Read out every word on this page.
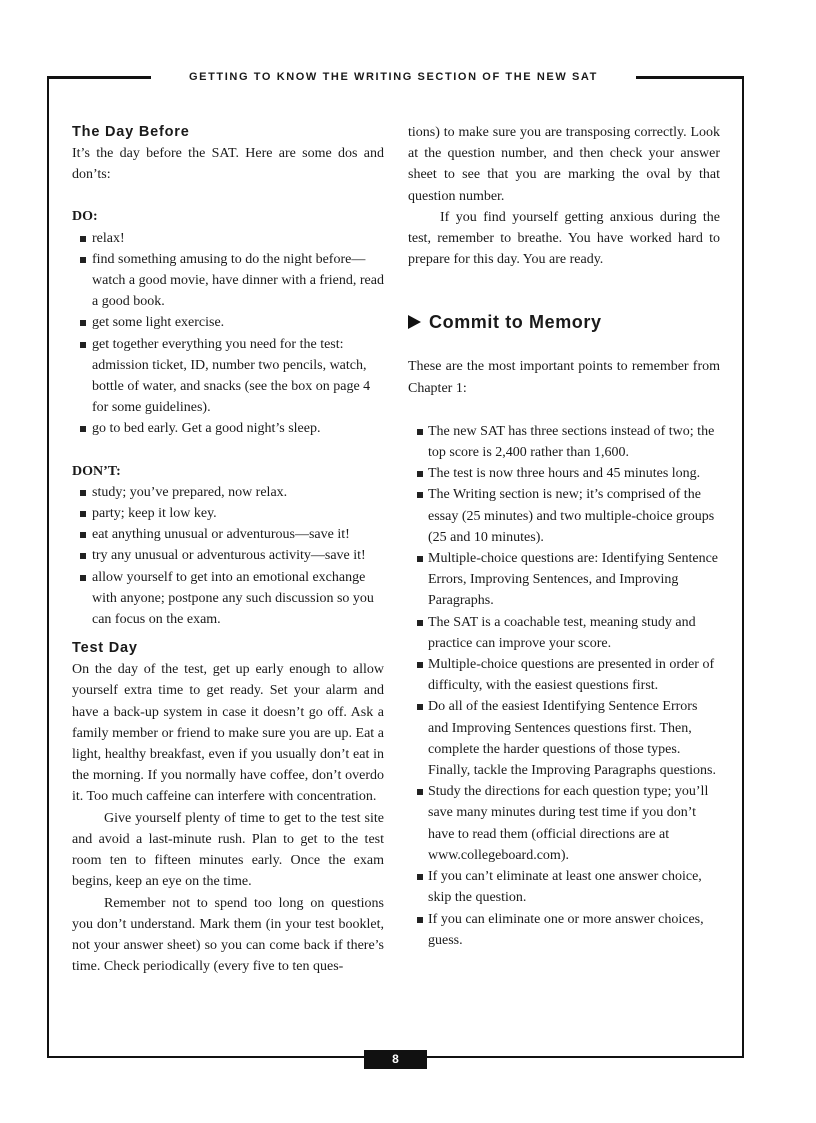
GETTING TO KNOW THE WRITING SECTION OF THE NEW SAT
The Day Before

It’s the day before the SAT. Here are some dos and don’ts:

DO:

relax!
find something amusing to do the night before—watch a good movie, have dinner with a friend, read a good book.
get some light exercise.
get together everything you need for the test: admission ticket, ID, number two pencils, watch, bottle of water, and snacks (see the box on page 4 for some guidelines).
go to bed early. Get a good night’s sleep.

DON’T:

study; you’ve prepared, now relax.
party; keep it low key.
eat anything unusual or adventurous—save it!
try any unusual or adventurous activity—save it!
allow yourself to get into an emotional exchange with anyone; postpone any such discussion so you can focus on the exam.
Test Day

On the day of the test, get up early enough to allow yourself extra time to get ready. Set your alarm and have a back-up system in case it doesn’t go off. Ask a family member or friend to make sure you are up. Eat a light, healthy breakfast, even if you usually don’t eat in the morning. If you normally have coffee, don’t overdo it. Too much caffeine can interfere with concentration.

Give yourself plenty of time to get to the test site and avoid a last-minute rush. Plan to get to the test room ten to fifteen minutes early. Once the exam begins, keep an eye on the time.

Remember not to spend too long on questions you don’t understand. Mark them (in your test booklet, not your answer sheet) so you can come back if there’s time. Check periodically (every five to ten ques-

tions) to make sure you are transposing correctly. Look at the question number, and then check your answer sheet to see that you are marking the oval by that question number.

If you find yourself getting anxious during the test, remember to breathe. You have worked hard to prepare for this day. You are ready.

Commit to Memory

These are the most important points to remember from Chapter 1:

The new SAT has three sections instead of two; the top score is 2,400 rather than 1,600.
The test is now three hours and 45 minutes long.
The Writing section is new; it’s comprised of the essay (25 minutes) and two multiple-choice groups (25 and 10 minutes).
Multiple-choice questions are: Identifying Sentence Errors, Improving Sentences, and Improving Paragraphs.
The SAT is a coachable test, meaning study and practice can improve your score.
Multiple-choice questions are presented in order of difficulty, with the easiest questions first.
Do all of the easiest Identifying Sentence Errors and Improving Sentences questions first. Then, complete the harder questions of those types. Finally, tackle the Improving Paragraphs questions.
Study the directions for each question type; you’ll save many minutes during test time if you don’t have to read them (official directions are at www.collegeboard.com).
If you can’t eliminate at least one answer choice, skip the question.
If you can eliminate one or more answer choices, guess.
8
